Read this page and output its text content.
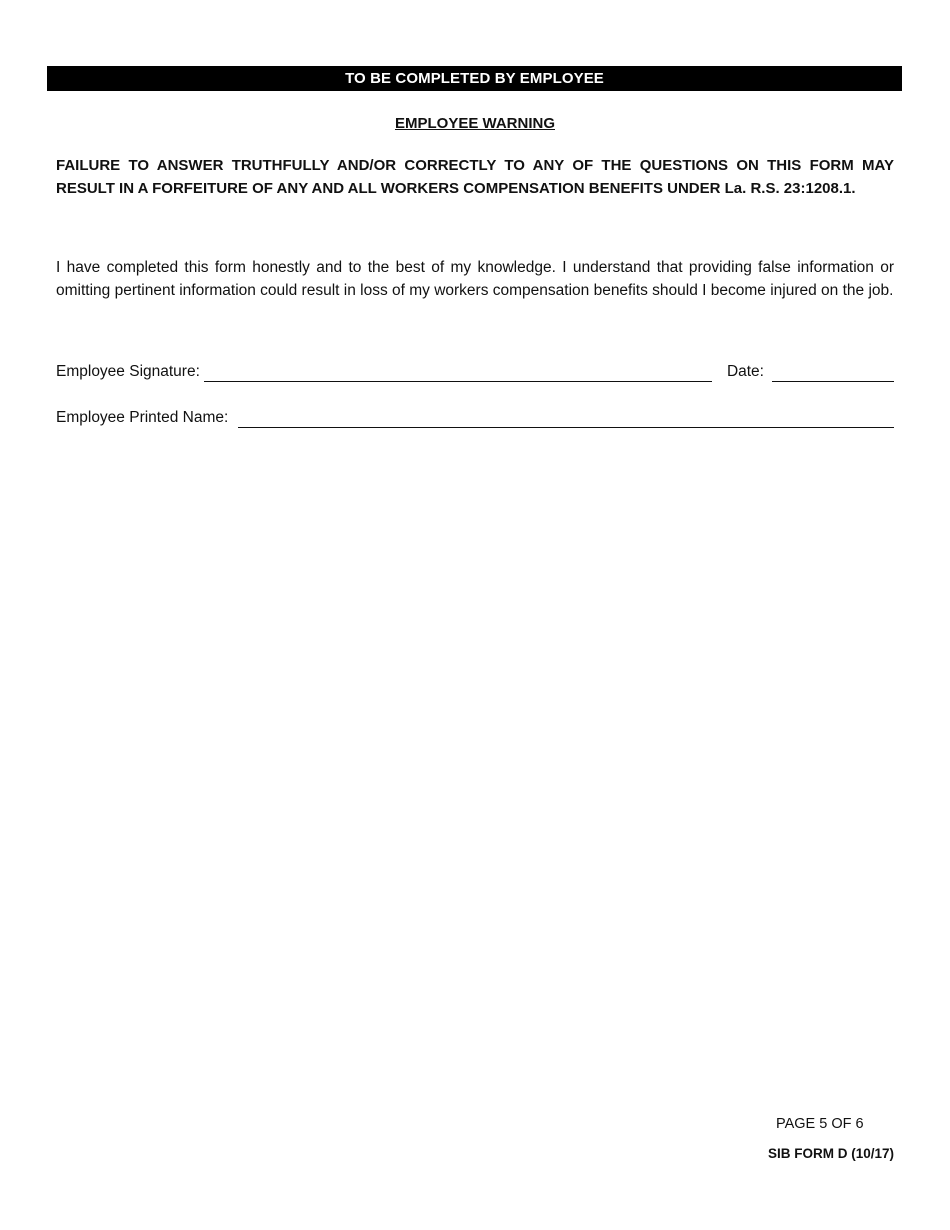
TO BE COMPLETED BY EMPLOYEE
EMPLOYEE WARNING
FAILURE TO ANSWER TRUTHFULLY AND/OR CORRECTLY TO ANY OF THE QUESTIONS ON THIS FORM MAY RESULT IN A FORFEITURE OF ANY AND ALL WORKERS COMPENSATION BENEFITS UNDER La. R.S. 23:1208.1.
I have completed this form honestly and to the best of my knowledge. I understand that providing false information or omitting pertinent information could result in loss of my workers compensation benefits should I become injured on the job.
Employee Signature:	Date:
Employee Printed Name:
PAGE 5 OF 6
SIB FORM D (10/17)
